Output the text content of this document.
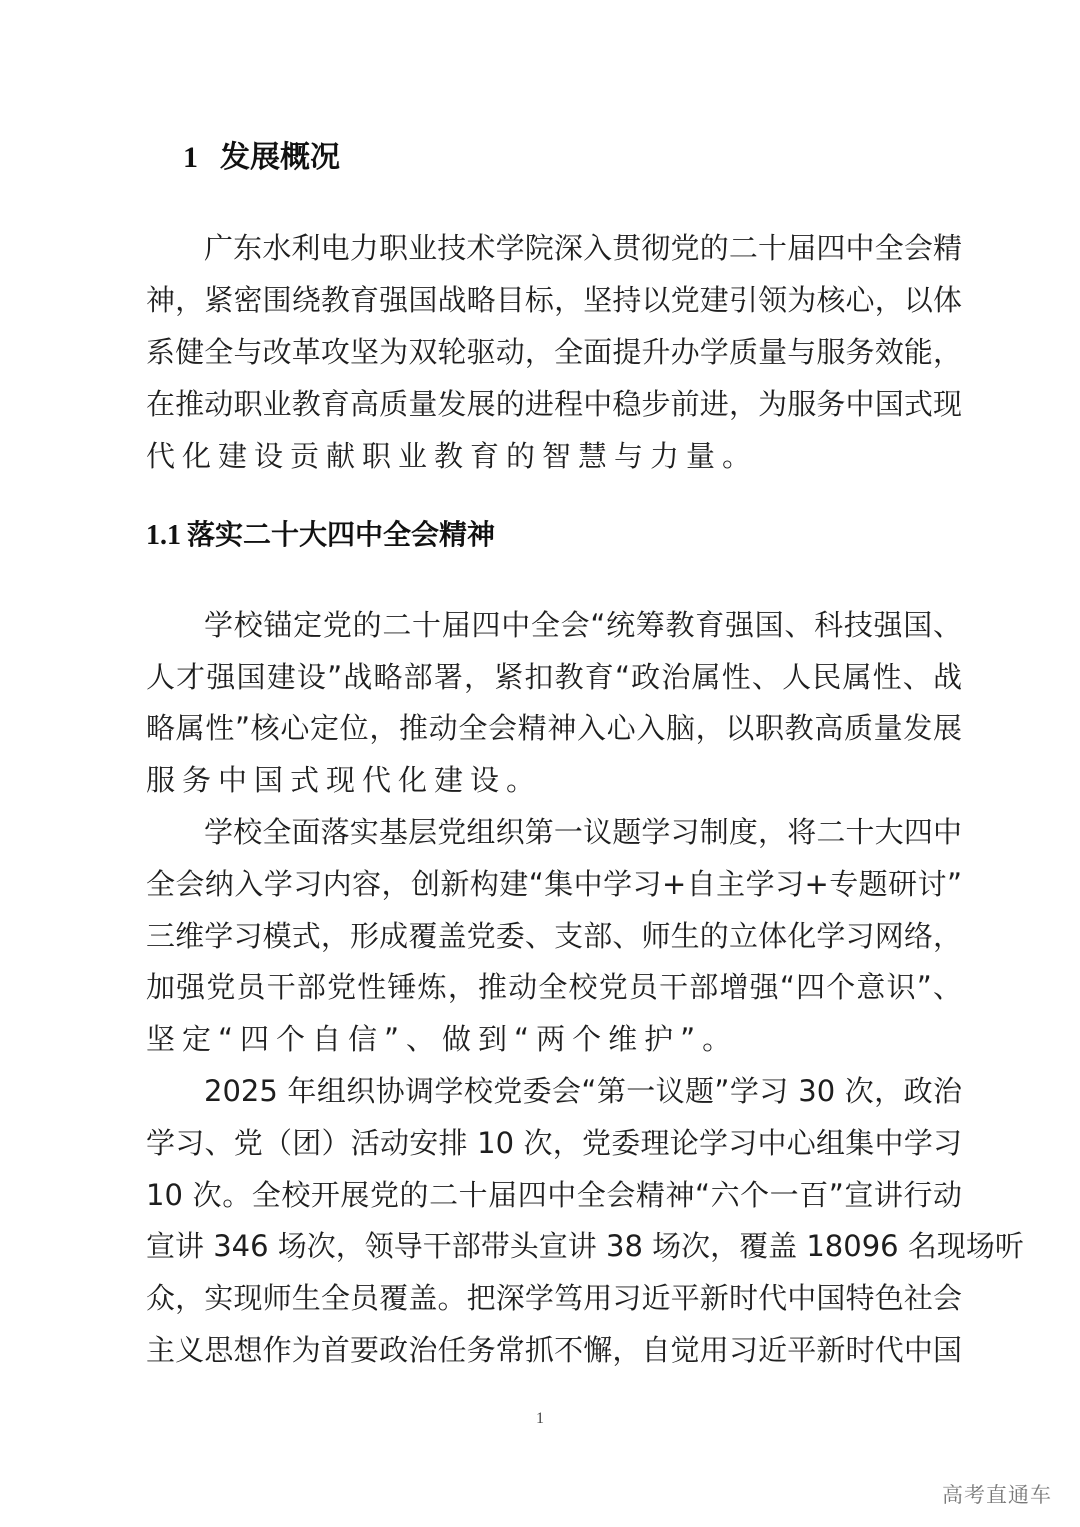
1 发展概况
广东水利电力职业技术学院深入贯彻党的二十届四中全会精
神，紧密围绕教育强国战略目标，坚持以党建引领为核心，以体
系健全与改革攻坚为双轮驱动，全面提升办学质量与服务效能，
在推动职业教育高质量发展的进程中稳步前进，为服务中国式现
代化建设贡献职业教育的智慧与力量。
1.1 落实二十大四中全会精神
学校锚定党的二十届四中全会“统筹教育强国、科技强国、
人才强国建设”战略部署，紧扣教育“政治属性、人民属性、战
略属性”核心定位，推动全会精神入心入脑，以职教高质量发展
服务中国式现代化建设。
学校全面落实基层党组织第一议题学习制度，将二十大四中
全会纳入学习内容，创新构建“集中学习+自主学习+专题研讨”
三维学习模式，形成覆盖党委、支部、师生的立体化学习网络，
加强党员干部党性锤炼，推动全校党员干部增强“四个意识”、
坚定“四个自信”、做到“两个维护”。
2025 年组织协调学校党委会“第一议题”学习 30 次，政治
学习、党（团）活动安排 10 次，党委理论学习中心组集中学习
10 次。全校开展党的二十届四中全会精神“六个一百”宣讲行动
宣讲 346 场次，领导干部带头宣讲 38 场次，覆盖 18096 名现场听
众，实现师生全员覆盖。把深学笃用习近平新时代中国特色社会
主义思想作为首要政治任务常抓不懈，自觉用习近平新时代中国
1
高考直通车
